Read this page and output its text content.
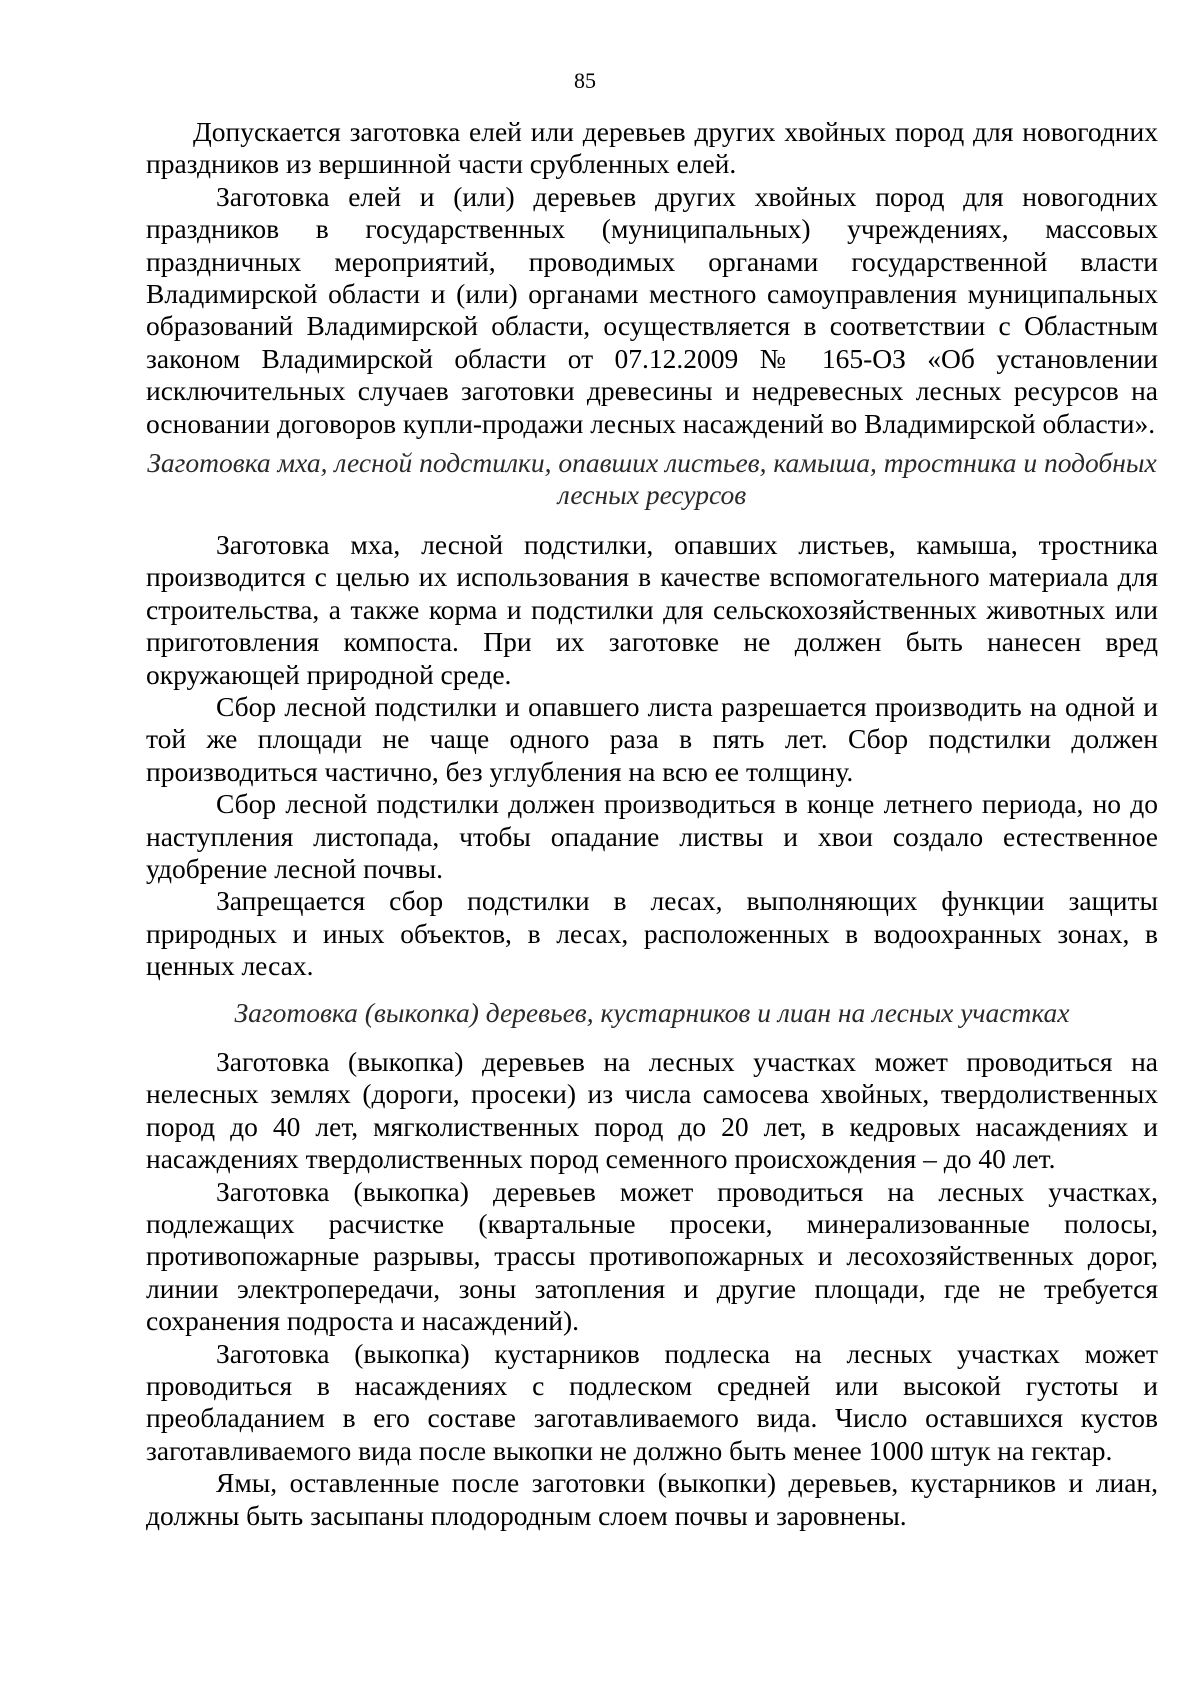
85

Допускается заготовка елей или деревьев других хвойных пород для новогодних праздников из вершинной части срубленных елей.

Заготовка елей и (или) деревьев других хвойных пород для новогодних праздников в государственных (муниципальных) учреждениях, массовых праздничных мероприятий, проводимых органами государственной власти Владимирской области и (или) органами местного самоуправления муниципальных образований Владимирской области, осуществляется в соответствии с Областным законом Владимирской области от 07.12.2009 № 165-ОЗ «Об установлении исключительных случаев заготовки древесины и недревесных лесных ресурсов на основании договоров купли-продажи лесных насаждений во Владимирской области».

Заготовка мха, лесной подстилки, опавших листьев, камыша, тростника и подобных лесных ресурсов

Заготовка мха, лесной подстилки, опавших листьев, камыша, тростника производится с целью их использования в качестве вспомогательного материала для строительства, а также корма и подстилки для сельскохозяйственных животных или приготовления компоста. При их заготовке не должен быть нанесен вред окружающей природной среде.

Сбор лесной подстилки и опавшего листа разрешается производить на одной и той же площади не чаще одного раза в пять лет. Сбор подстилки должен производиться частично, без углубления на всю ее толщину.

Сбор лесной подстилки должен производиться в конце летнего периода, но до наступления листопада, чтобы опадание листвы и хвои создало естественное удобрение лесной почвы.

Запрещается сбор подстилки в лесах, выполняющих функции защиты природных и иных объектов, в лесах, расположенных в водоохранных зонах, в ценных лесах.

Заготовка (выкопка) деревьев, кустарников и лиан на лесных участках

Заготовка (выкопка) деревьев на лесных участках может проводиться на нелесных землях (дороги, просеки) из числа самосева хвойных, твердолиственных пород до 40 лет, мягколиственных пород до 20 лет, в кедровых насаждениях и насаждениях твердолиственных пород семенного происхождения – до 40 лет.

Заготовка (выкопка) деревьев может проводиться на лесных участках, подлежащих расчистке (квартальные просеки, минерализованные полосы, противопожарные разрывы, трассы противопожарных и лесохозяйственных дорог, линии электропередачи, зоны затопления и другие площади, где не требуется сохранения подроста и насаждений).

Заготовка (выкопка) кустарников подлеска на лесных участках может проводиться в насаждениях с подлеском средней или высокой густоты и преобладанием в его составе заготавливаемого вида. Число оставшихся кустов заготавливаемого вида после выкопки не должно быть менее 1000 штук на гектар.

Ямы, оставленные после заготовки (выкопки) деревьев, кустарников и лиан, должны быть засыпаны плодородным слоем почвы и заровнены.
